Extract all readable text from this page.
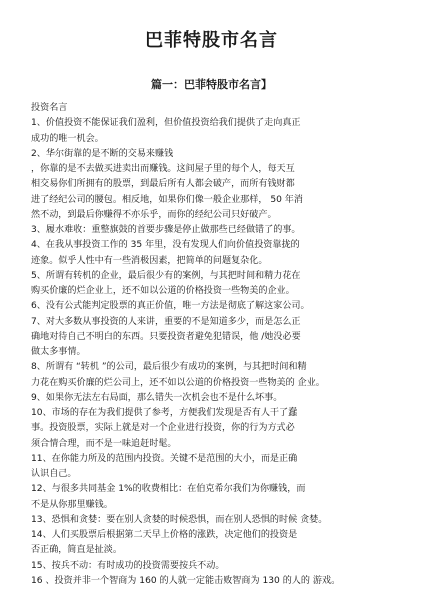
巴菲特股市名言
篇一：巴菲特股市名言】
投资名言
1、价值投资不能保证我们盈利，但价值投资给我们提供了走向真正
成功的唯一机会。
2、华尔街靠的是不断的交易来赚钱
，你靠的是不去做买进卖出而赚钱。这间屋子里的每个人，每天互
相交易你们所拥有的股票，到最后所有人都会破产，而所有钱财都
进了经纪公司的腰包。相反地，如果你们像一般企业那样， 50 年消
然不动，到最后你赚得不亦乐乎，而你的经纪公司只好破产。
3、履水难收：重整旗鼓的首要步骤是停止做那些已经做错了的事。
4、在我从事投资工作的 35 年里，没有发现人们向价值投资靠拢的
迹象。似乎人性中有一些消极因素，把简单的问题复杂化。
5、所谓有转机的企业，最后很少有的案例，与其把时间和精力花在
购买价廉的烂企业上，还不如以公道的价格投资一些物美的企业。
6、没有公式能判定股票的真正价值，唯一方法是彻底了解这家公司。
7、对大多数从事投资的人来讲，重要的不是知道多少，而是怎么正
确地对待自己不明白的东西。只要投资者避免犯错误，他 /她没必要
做太多事情。
8、所谓有 “转机 ”的公司，最后很少有成功的案例，与其把时间和精
力花在购买价廉的烂公司上，还不如以公道的价格投资一些物美的 企业。
9、如果你无法左右局面，那么错失一次机会也不是什么坏事。
10、市场的存在为我们提供了参考，方便我们发现是否有人干了蠢
事。投资股票，实际上就是对一个企业进行投资，你的行为方式必
须合情合理，而不是一味追赶时髦。
11、在你能力所及的范围内投资。关键不是范围的大小，而是正确
认识自己。
12、与很多共同基金 1%的收费相比：在伯克希尔我们为你赚钱，而
不是从你那里赚钱。
13、恐惧和贪婪：要在别人贪婪的时候恐惧，而在别人恐惧的时候 贪婪。
14、人们买股票后根据第二天早上价格的涨跌，决定他们的投资是
否正确，简直是扯淡。
15、按兵不动：有时成功的投资需要按兵不动。
16 、投资并非一个智商为 160 的人就一定能击败智商为 130 的人的 游戏。
